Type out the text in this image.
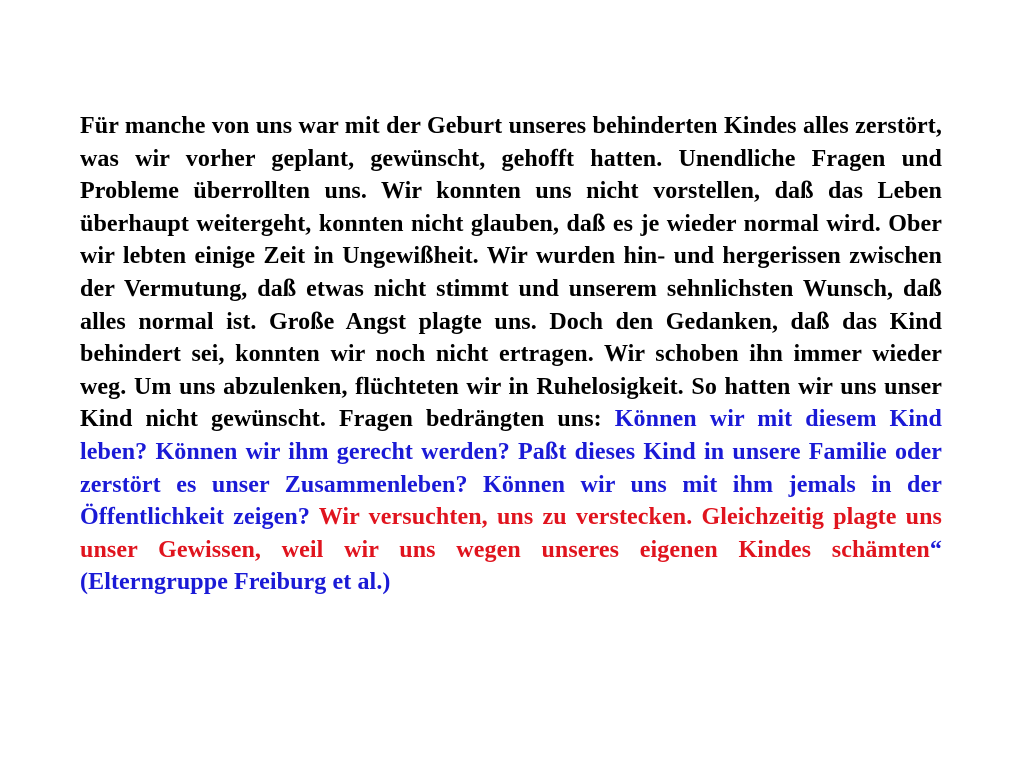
Für manche von uns war mit der Geburt unseres behinderten Kindes alles zerstört, was wir vorher geplant, gewünscht, gehofft hatten. Unendliche Fragen und Probleme überrollten uns. Wir konnten uns nicht vorstellen, daß das Leben überhaupt weitergeht, konnten nicht glauben, daß es je wieder normal wird. Ober wir lebten einige Zeit in Ungewißheit. Wir wurden hin- und hergerissen zwischen der Vermutung, daß etwas nicht stimmt und unserem sehnlichsten Wunsch, daß alles normal ist. Große Angst plagte uns. Doch den Gedanken, daß das Kind behindert sei, konnten wir noch nicht ertragen. Wir schoben ihn immer wieder weg. Um uns abzulenken, flüchteten wir in Ruhelosigkeit. So hatten wir uns unser Kind nicht gewünscht. Fragen bedrängten uns: Können wir mit diesem Kind leben? Können wir ihm gerecht werden? Paßt dieses Kind in unsere Familie oder zerstört es unser Zusammenleben? Können wir uns mit ihm jemals in der Öffentlichkeit zeigen? Wir versuchten, uns zu verstecken. Gleichzeitig plagte uns unser Gewissen, weil wir uns wegen unseres eigenen Kindes schämten“ (Elterngruppe Freiburg et al.)
